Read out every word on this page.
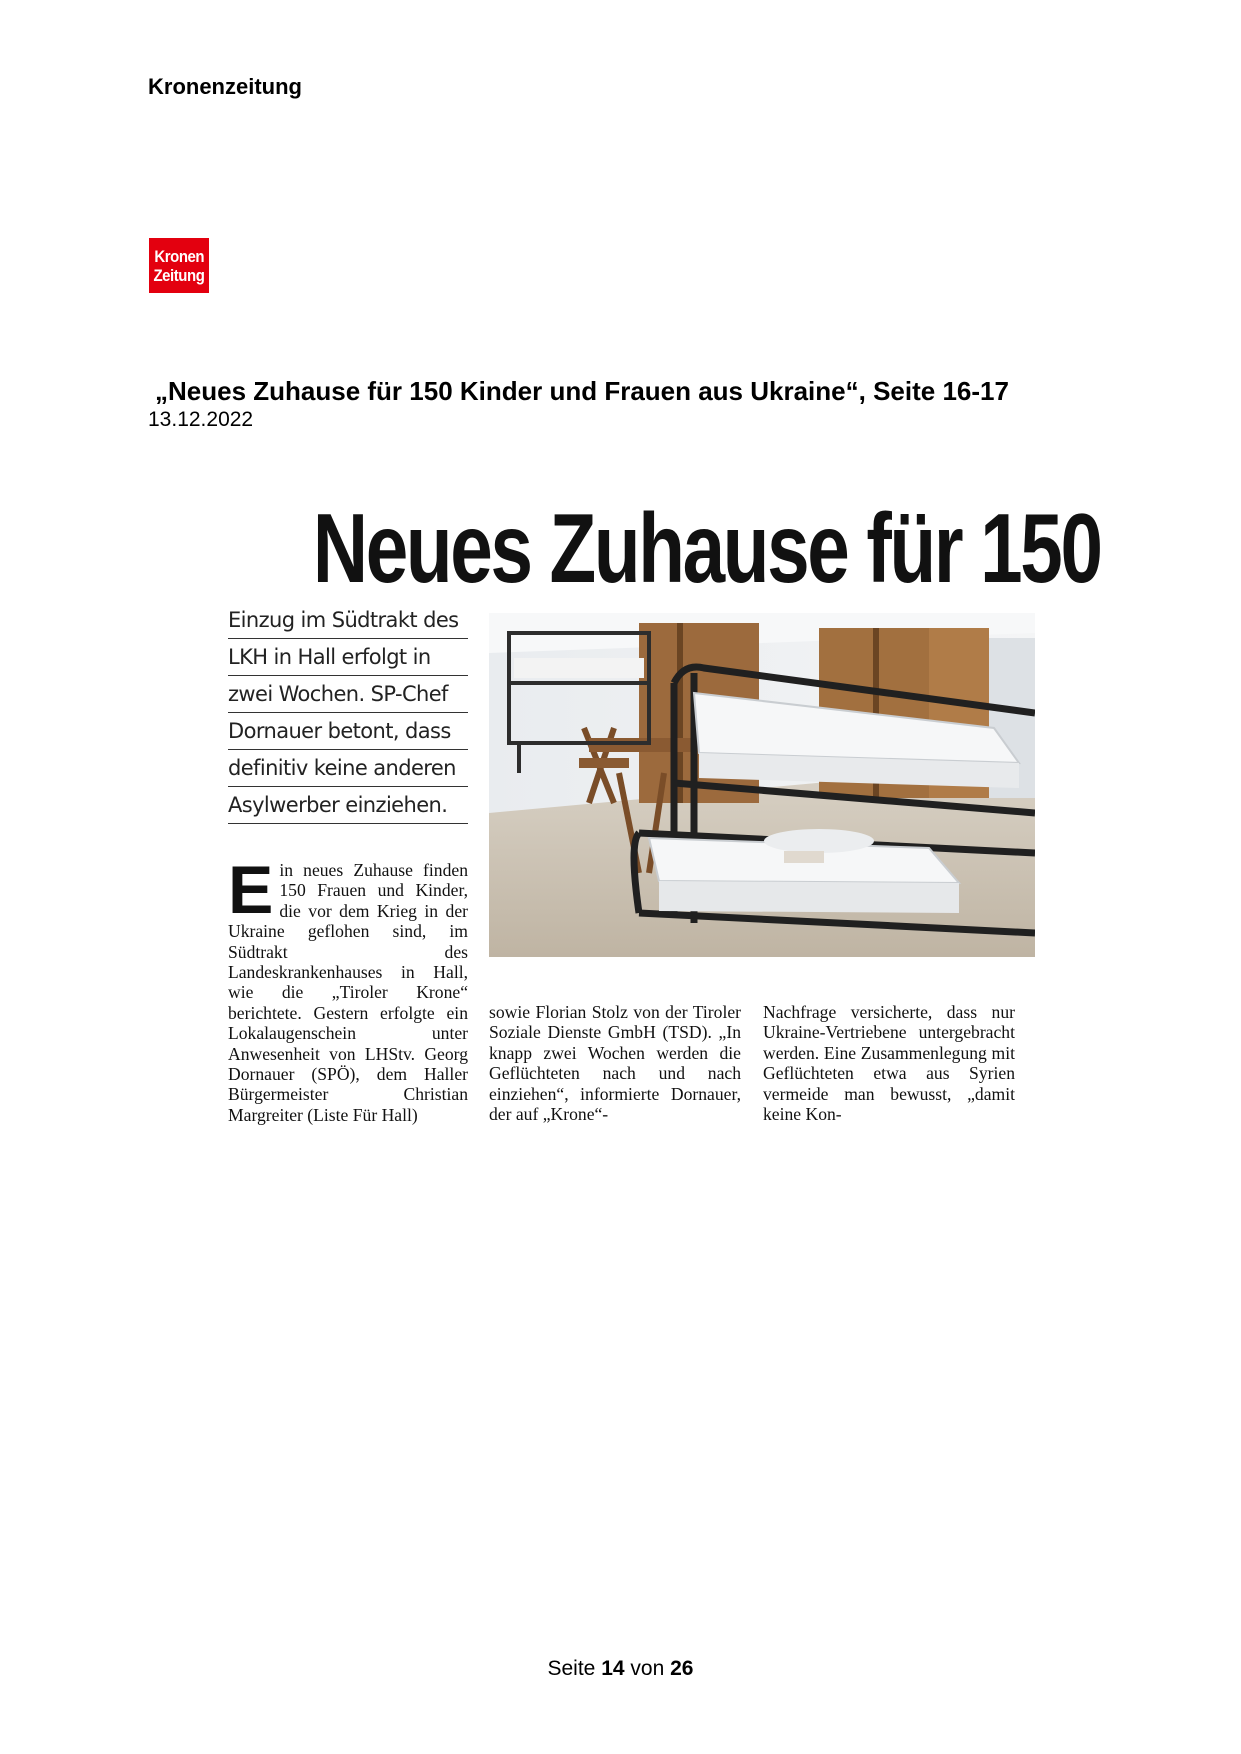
Kronenzeitung
Kronen
Zeitung
„Neues Zuhause für 150 Kinder und Frauen aus Ukraine“, Seite 16-17
13.12.2022
Neues Zuhause für 150
Einzug im Südtrakt des
LKH in Hall erfolgt in
zwei Wochen. SP-Chef
Dornauer betont, dass
definitiv keine anderen
Asylwerber einziehen.
Ein neues Zuhause finden 150 Frauen und Kinder, die vor dem Krieg in der Ukraine geflohen sind, im Südtrakt des Landeskrankenhauses in Hall, wie die „Tiroler Krone“ berichtete. Gestern erfolgte ein Lokalaugenschein unter Anwesenheit von LHStv. Georg Dornauer (SPÖ), dem Haller Bürgermeister Christian Margreiter (Liste Für Hall)
sowie Florian Stolz von der Tiroler Soziale Dienste GmbH (TSD). „In knapp zwei Wochen werden die Geflüchteten nach und nach einziehen“, informierte Dornauer, der auf „Krone“-
Nachfrage versicherte, dass nur Ukraine-Vertriebene untergebracht werden. Eine Zusammenlegung mit Geflüchteten etwa aus Syrien vermeide man bewusst, „damit keine Kon-
Seite 14 von 26
